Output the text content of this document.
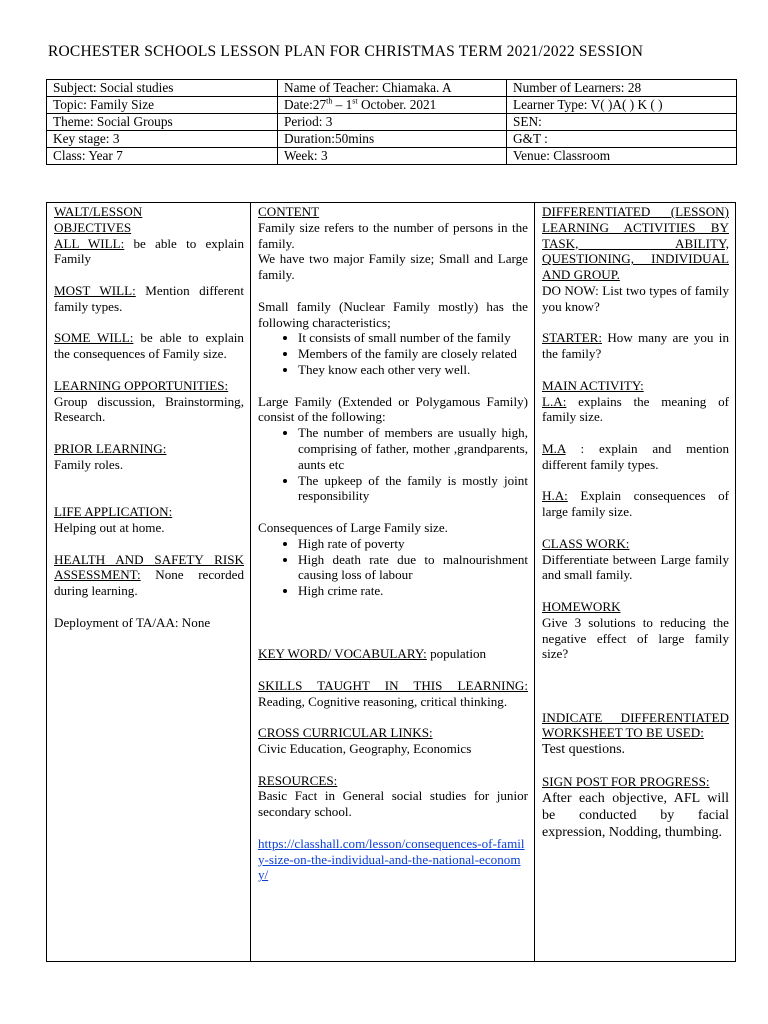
ROCHESTER SCHOOLS LESSON PLAN FOR CHRISTMAS TERM 2021/2022 SESSION
Subject: Social studies	Name of Teacher: Chiamaka. A	Number of Learners: 28
Topic: Family Size	Date:27th – 1st October. 2021	Learner Type: V( )A( ) K ( )
Theme: Social Groups	Period: 3	SEN:
Key stage: 3	Duration:50mins	G&T :
Class: Year 7	Week: 3	Venue: Classroom

WALT/LESSON OBJECTIVES

ALL WILL: be able to explain Family

MOST WILL: Mention different family types.

SOME WILL: be able to explain the consequences of Family size.

LEARNING OPPORTUNITIES:

Group discussion, Brainstorming, Research.

PRIOR LEARNING:

Family roles.

LIFE APPLICATION:

Helping out at home.

HEALTH AND SAFETY RISK ASSESSMENT: None recorded during learning.

Deployment of TA/AA: None

CONTENT

Family size refers to the number of persons in the family.

We have two major Family size; Small and Large family.

Small family (Nuclear Family mostly) has the following characteristics;

• It consists of small number of the family
• Members of the family are closely related
• They know each other very well.

Large Family (Extended or Polygamous Family) consist of the following:

• The number of members are usually high, comprising of father, mother ,grandparents, aunts etc
• The upkeep of the family is mostly joint responsibility

Consequences of Large Family size.

• High rate of poverty
• High death rate due to malnourishment causing loss of labour
• High crime rate.

KEY WORD/ VOCABULARY: population

SKILLS TAUGHT IN THIS LEARNING: Reading, Cognitive reasoning, critical thinking.

CROSS CURRICULAR LINKS:

Civic Education, Geography, Economics

RESOURCES:

Basic Fact in General social studies for junior secondary school.

https://classhall.com/lesson/consequences-of-family-size-on-the-individual-and-the-national-economy/

DIFFERENTIATED (LESSON) LEARNING ACTIVITIES BY TASK, ABILITY, QUESTIONING, INDIVIDUAL AND GROUP.

DO NOW: List two types of family you know?

STARTER: How many are you in the family?

MAIN ACTIVITY:

L.A: explains the meaning of family size.

M.A : explain and mention different family types.

H.A: Explain consequences of large family size.

CLASS WORK:

Differentiate between Large family and small family.

HOMEWORK

Give 3 solutions to reducing the negative effect of large family size?

INDICATE DIFFERENTIATED WORKSHEET TO BE USED:

Test questions.

SIGN POST FOR PROGRESS:

After each objective, AFL will be conducted by facial expression, Nodding, thumbing.
